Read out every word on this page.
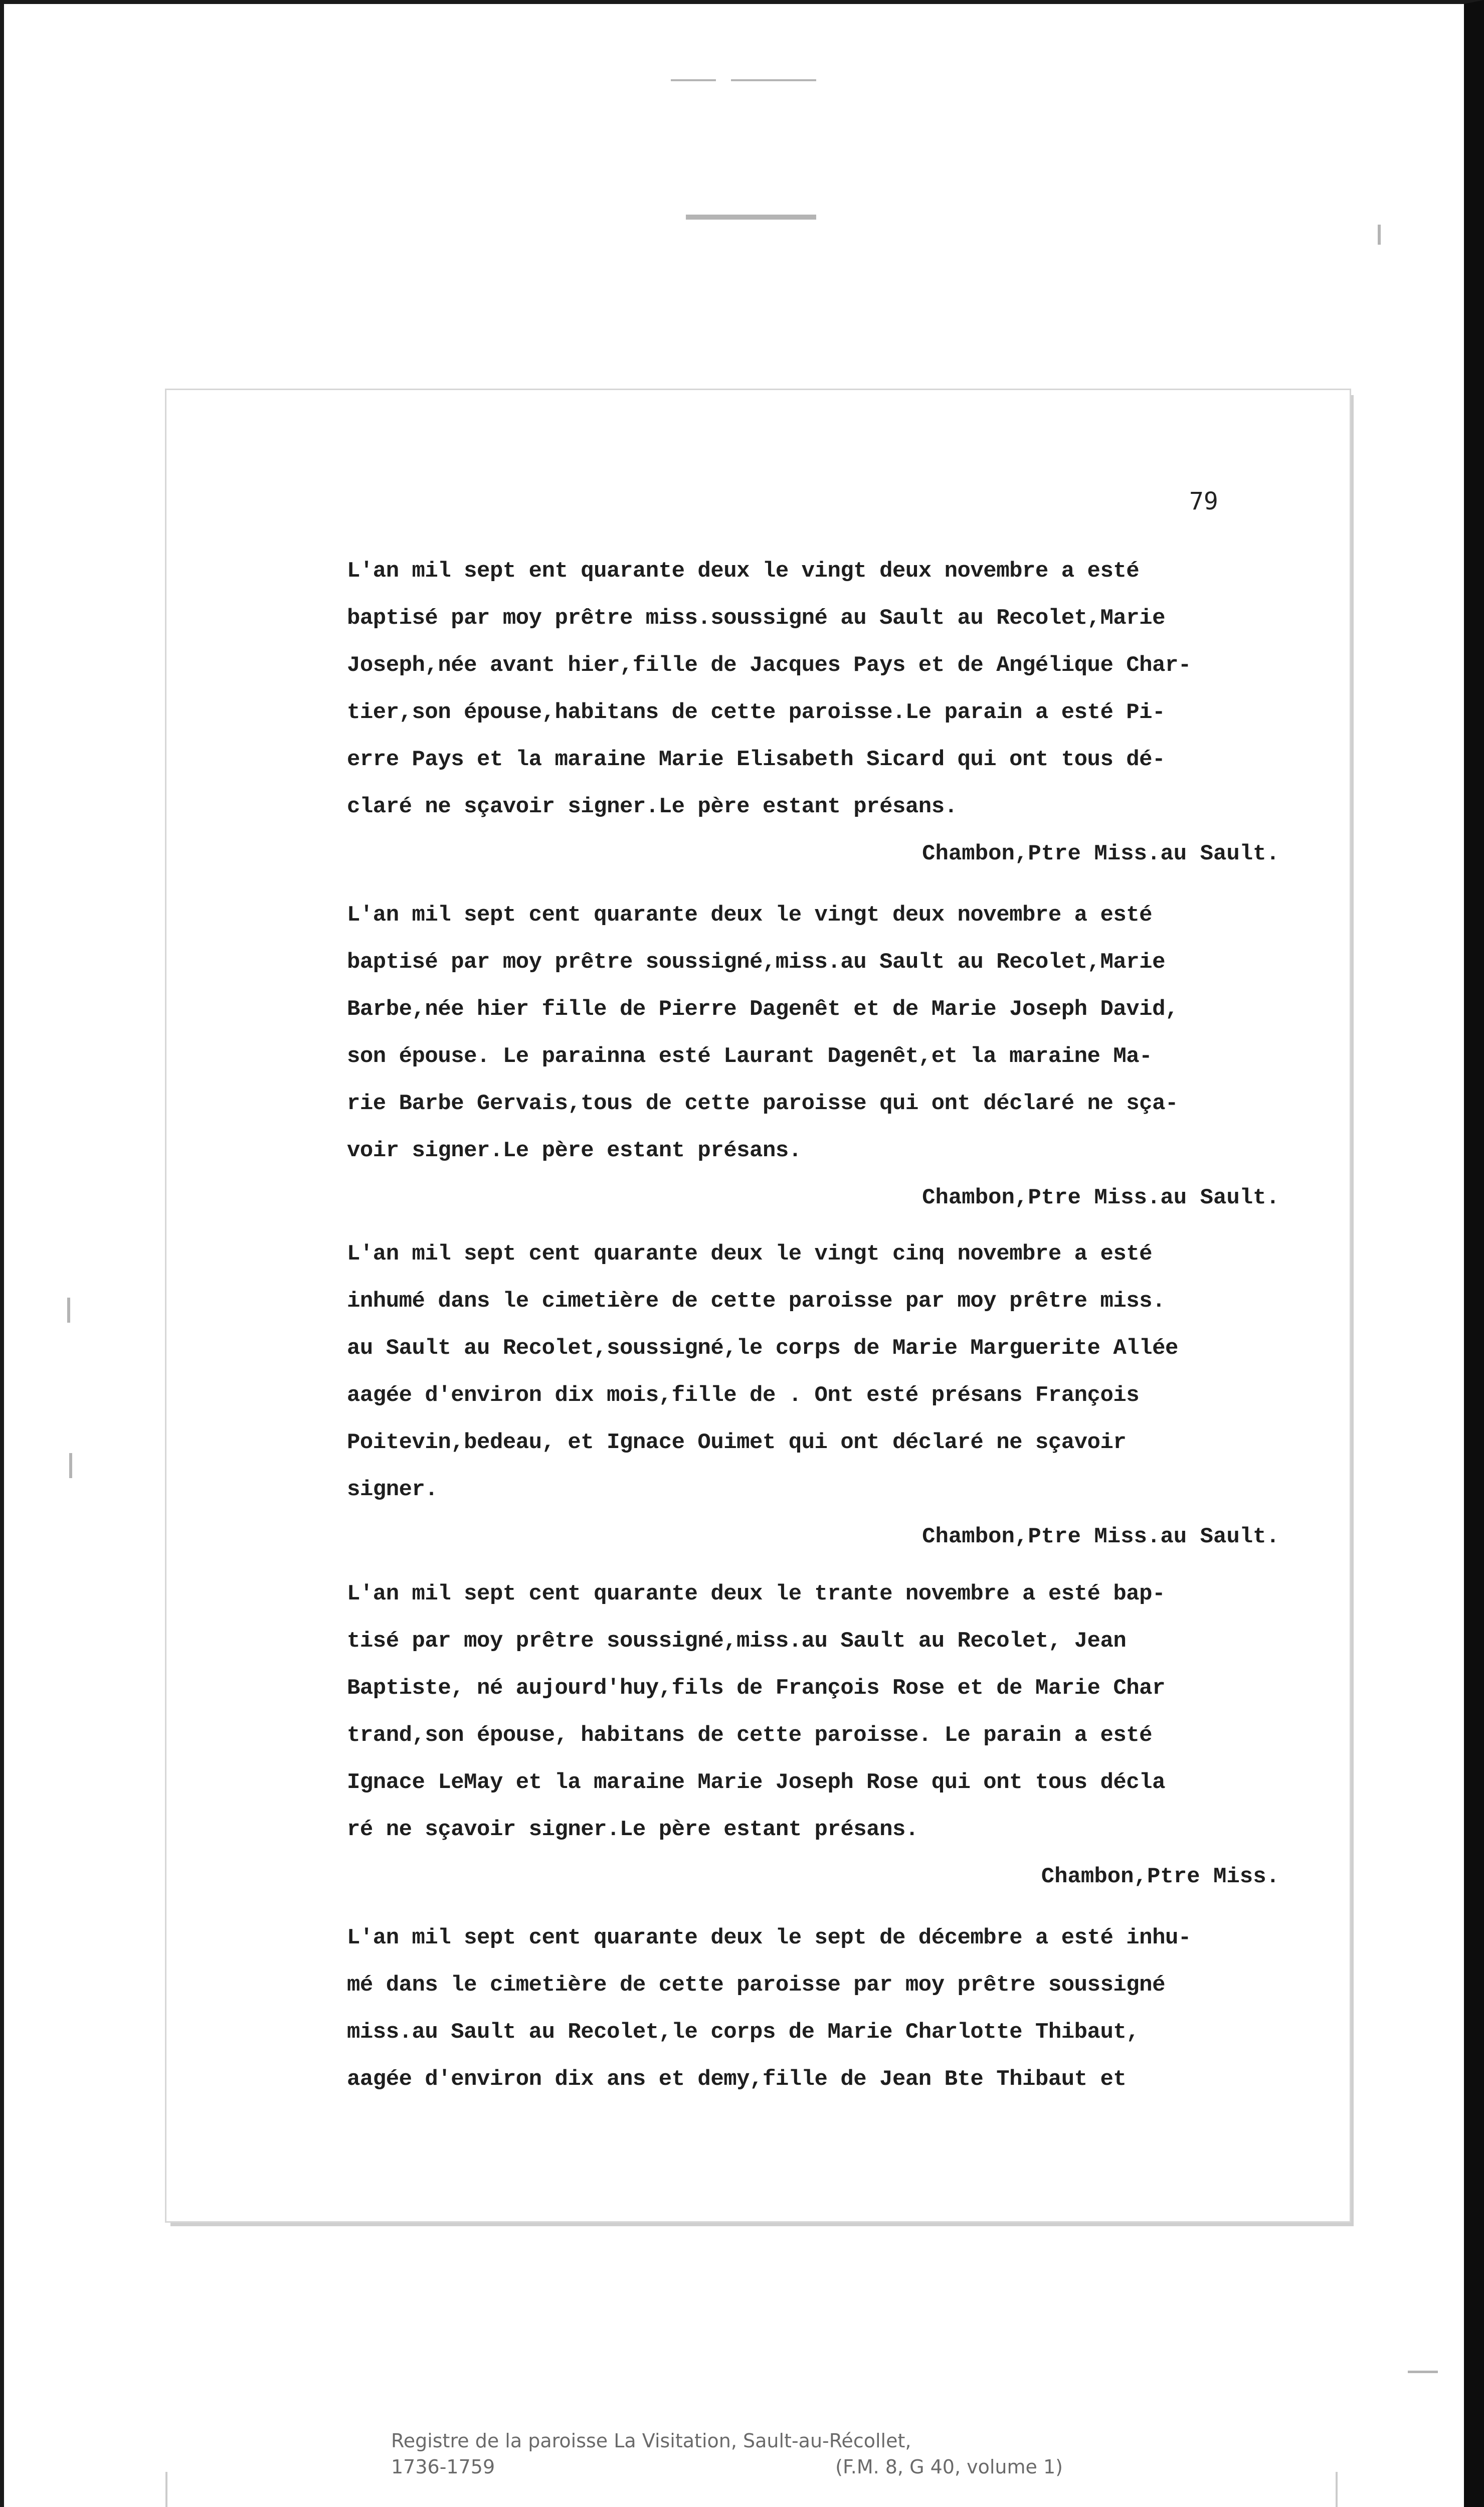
79
L'an mil sept ent quarante deux le vingt deux novembre a esté
baptisé par moy prêtre miss.soussigné au Sault au Recolet,Marie
Joseph,née avant hier,fille de Jacques Pays et de Angélique Char-
tier,son épouse,habitans de cette paroisse.Le parain a esté Pi-
erre Pays et la maraine Marie Elisabeth Sicard qui ont tous dé-
claré ne sçavoir signer.Le père estant présans.
Chambon,Ptre Miss.au Sault.
L'an mil sept cent quarante deux le vingt deux novembre a esté
baptisé par moy prêtre soussigné,miss.au Sault au Recolet,Marie
Barbe,née hier fille de Pierre Dagenêt et de Marie Joseph David,
son épouse. Le parainna esté Laurant Dagenêt,et la maraine Ma-
rie Barbe Gervais,tous de cette paroisse qui ont déclaré ne sça-
voir signer.Le père estant présans.
Chambon,Ptre Miss.au Sault.
L'an mil sept cent quarante deux le vingt cinq novembre a esté
inhumé dans le cimetière de cette paroisse par moy prêtre miss.
au Sault au Recolet,soussigné,le corps de Marie Marguerite Allée
aagée d'environ dix mois,fille de . Ont esté présans François
Poitevin,bedeau, et Ignace Ouimet qui ont déclaré ne sçavoir
signer.
Chambon,Ptre Miss.au Sault.
L'an mil sept cent quarante deux le trante novembre a esté bap-
tisé par moy prêtre soussigné,miss.au Sault au Recolet, Jean
Baptiste, né aujourd'huy,fils de François Rose et de Marie Char
trand,son épouse, habitans de cette paroisse. Le parain a esté
Ignace LeMay et la maraine Marie Joseph Rose qui ont tous décla
ré ne sçavoir signer.Le père estant présans.
Chambon,Ptre Miss.
L'an mil sept cent quarante deux le sept de décembre a esté inhu-
mé dans le cimetière de cette paroisse par moy prêtre soussigné
miss.au Sault au Recolet,le corps de Marie Charlotte Thibaut,
aagée d'environ dix ans et demy,fille de Jean Bte Thibaut et
Registre de la paroisse La Visitation, Sault-au-Récollet,
1736-1759	(F.M. 8, G 40, volume 1)
